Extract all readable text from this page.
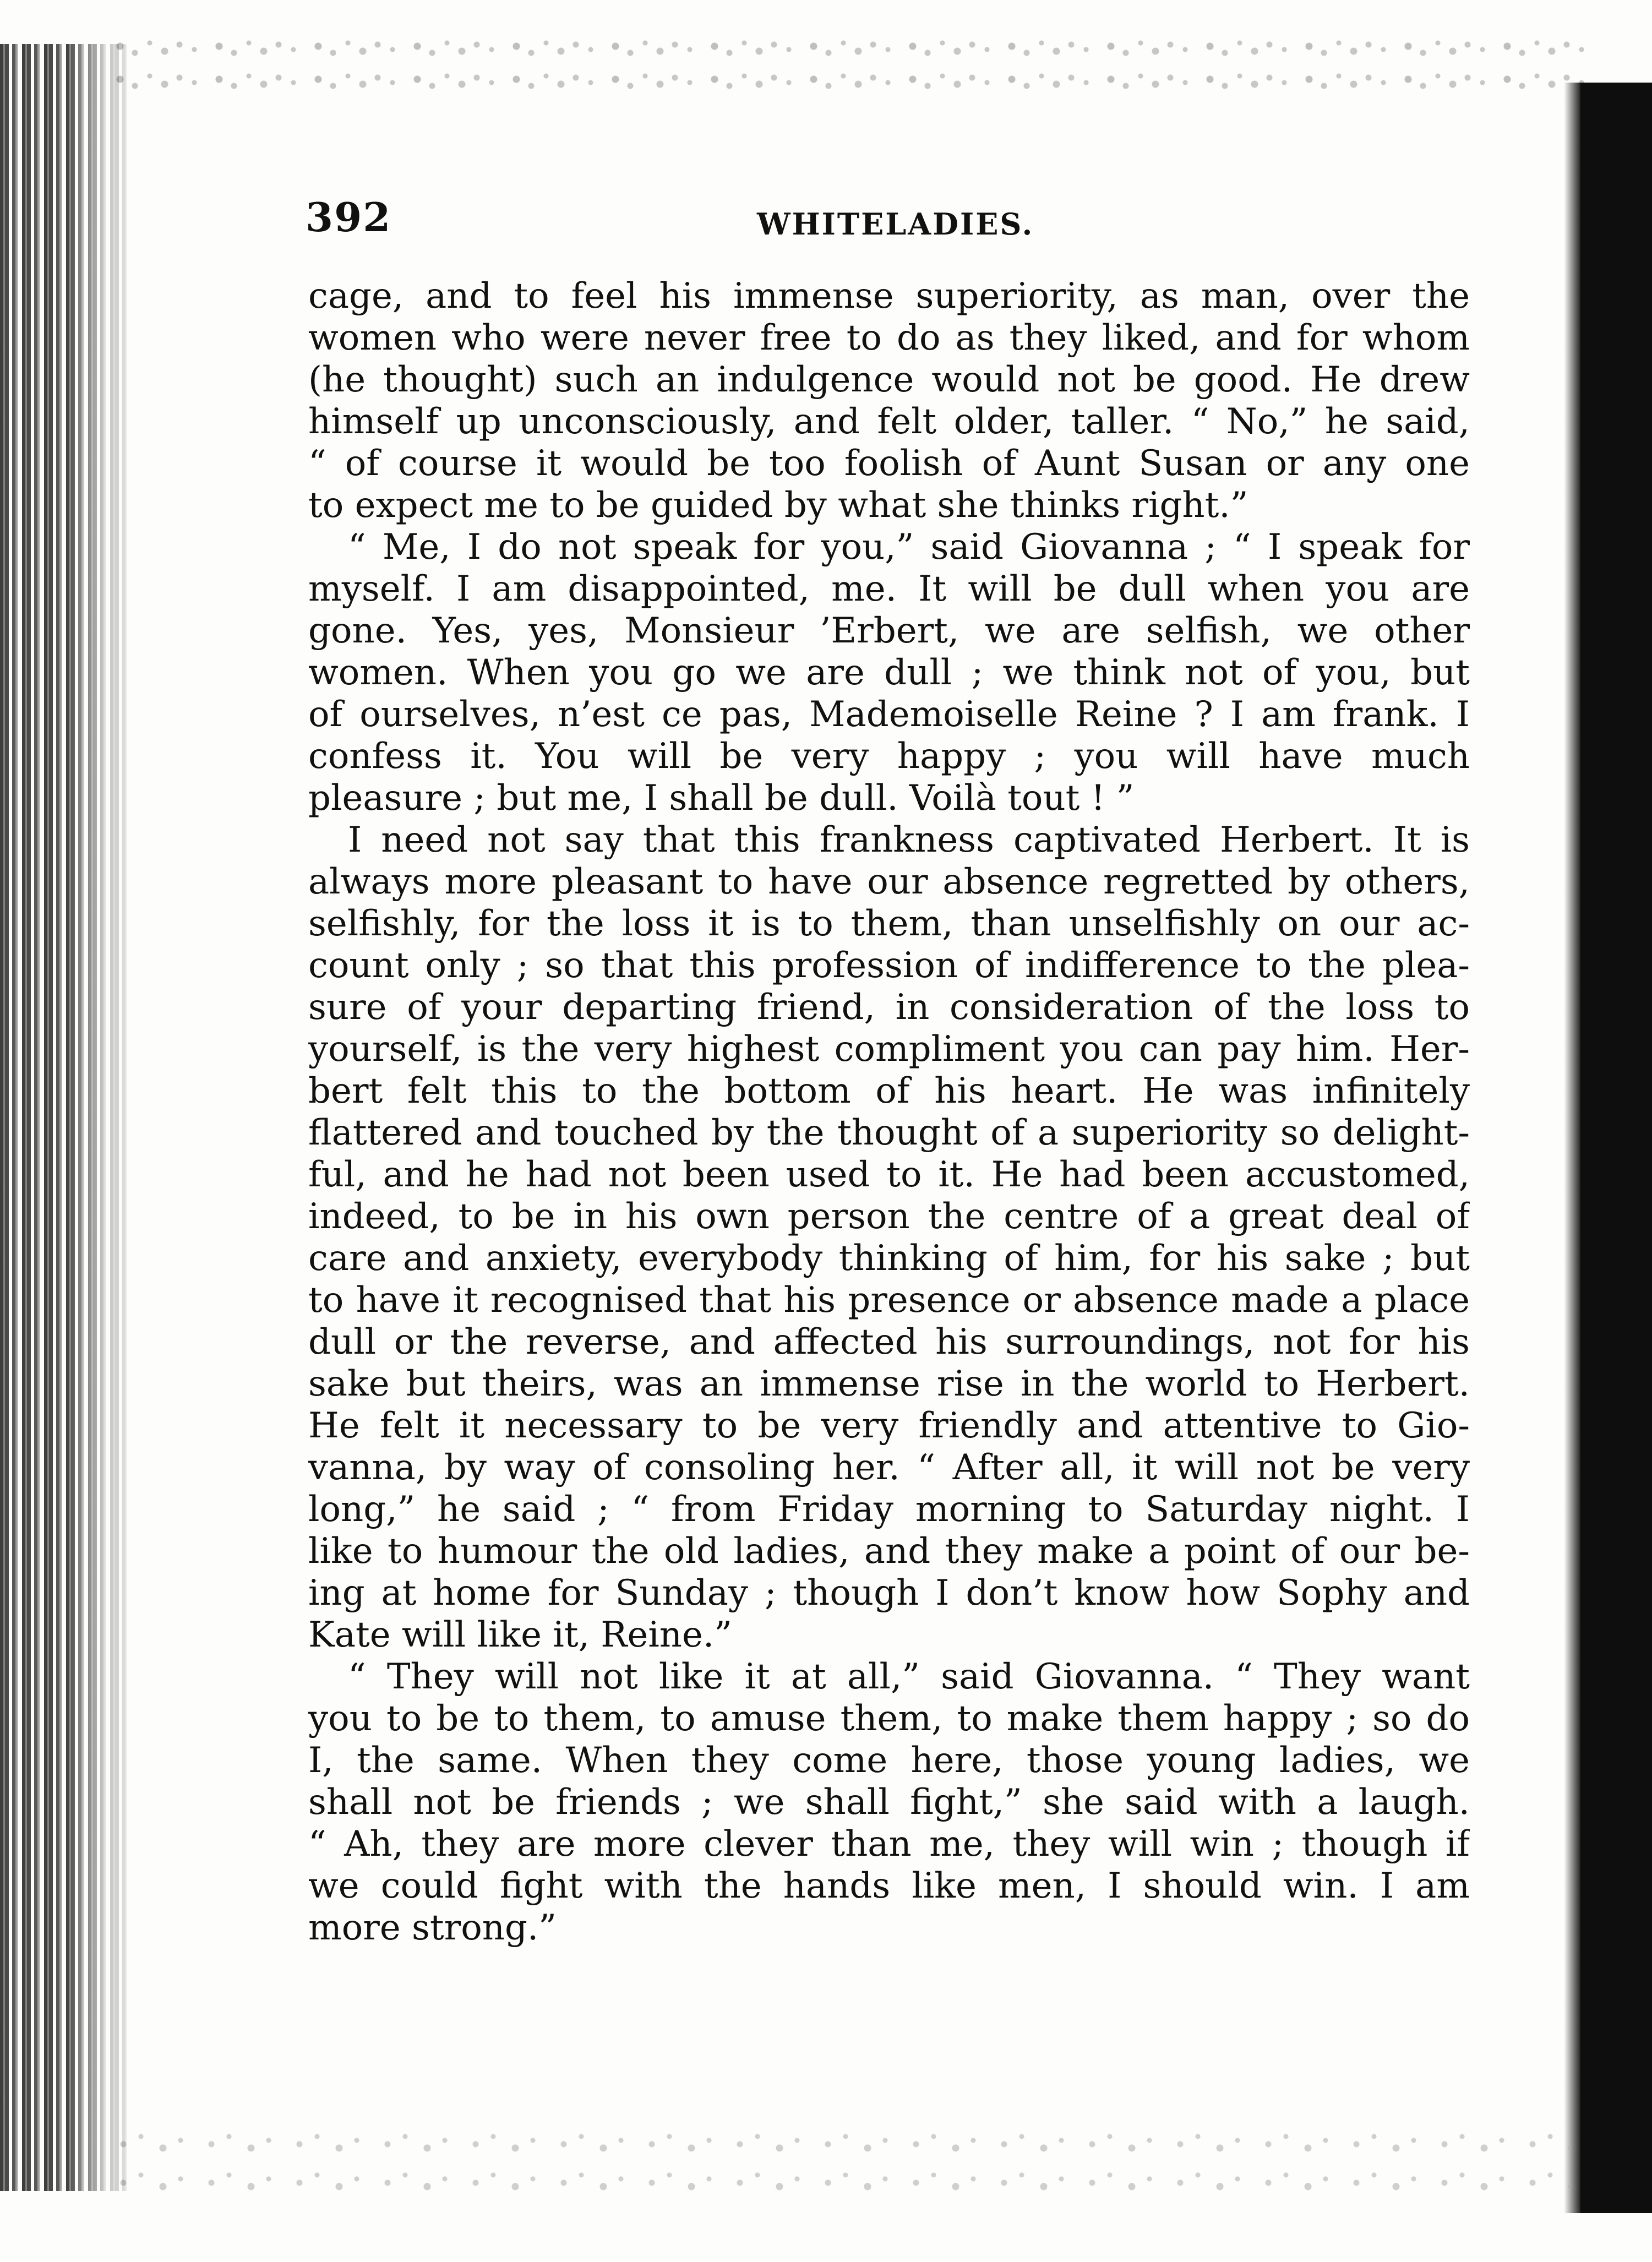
392	WHITELADIES.
cage, and to feel his immense superiority, as man, over the
women who were never free to do as they liked, and for whom
(he thought) such an indulgence would not be good. He drew
himself up unconsciously, and felt older, taller. “ No,” he said,
“ of course it would be too foolish of Aunt Susan or any one
to expect me to be guided by what she thinks right.”
“ Me, I do not speak for you,” said Giovanna ; “ I speak for
myself. I am disappointed, me. It will be dull when you are
gone. Yes, yes, Monsieur ’Erbert, we are selfish, we other
women. When you go we are dull ; we think not of you, but
of ourselves, n’est ce pas, Mademoiselle Reine ? I am frank. I
confess it. You will be very happy ; you will have much
pleasure ; but me, I shall be dull. Voilà tout ! ”
I need not say that this frankness captivated Herbert. It is
always more pleasant to have our absence regretted by others,
selfishly, for the loss it is to them, than unselfishly on our ac-
count only ; so that this profession of indifference to the plea-
sure of your departing friend, in consideration of the loss to
yourself, is the very highest compliment you can pay him. Her-
bert felt this to the bottom of his heart. He was infinitely
flattered and touched by the thought of a superiority so delight-
ful, and he had not been used to it. He had been accustomed,
indeed, to be in his own person the centre of a great deal of
care and anxiety, everybody thinking of him, for his sake ; but
to have it recognised that his presence or absence made a place
dull or the reverse, and affected his surroundings, not for his
sake but theirs, was an immense rise in the world to Herbert.
He felt it necessary to be very friendly and attentive to Gio-
vanna, by way of consoling her. “ After all, it will not be very
long,” he said ; “ from Friday morning to Saturday night. I
like to humour the old ladies, and they make a point of our be-
ing at home for Sunday ; though I don’t know how Sophy and
Kate will like it, Reine.”
“ They will not like it at all,” said Giovanna. “ They want
you to be to them, to amuse them, to make them happy ; so do
I, the same. When they come here, those young ladies, we
shall not be friends ; we shall fight,” she said with a laugh.
“ Ah, they are more clever than me, they will win ; though if
we could fight with the hands like men, I should win. I am
more strong.”
